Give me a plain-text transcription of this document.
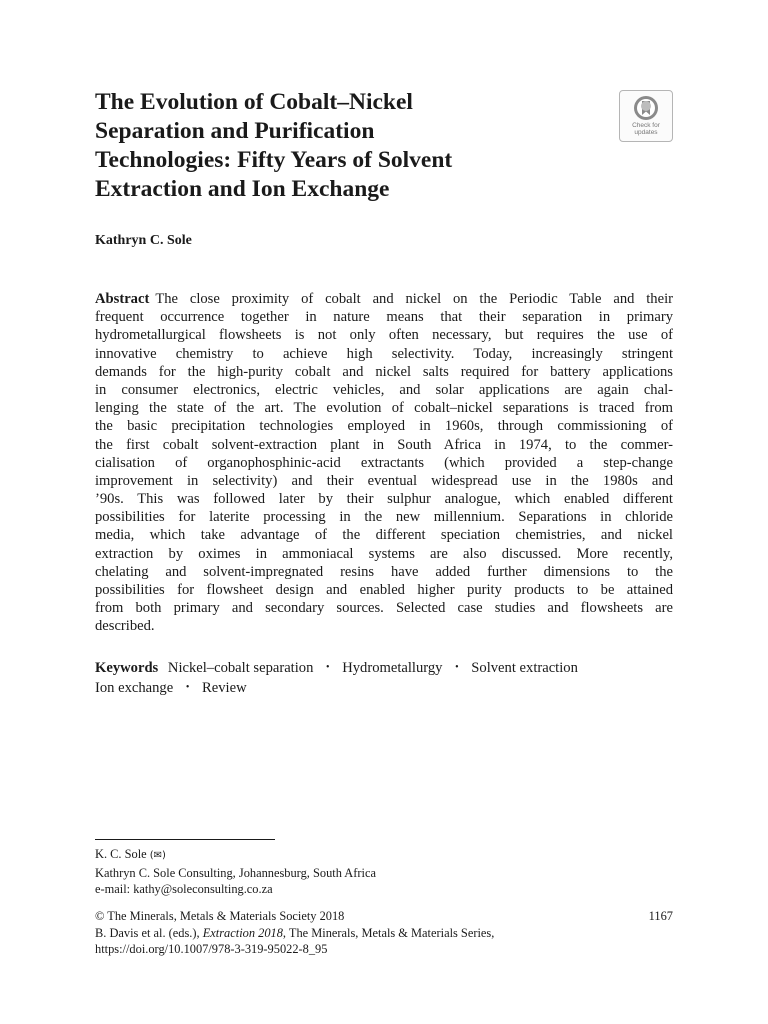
The Evolution of Cobalt–Nickel
Separation and Purification
Technologies: Fifty Years of Solvent
Extraction and Ion Exchange
Check for
updates

Kathryn C. Sole

Abstract The close proximity of cobalt and nickel on the Periodic Table and their
frequent occurrence together in nature means that their separation in primary
hydrometallurgical flowsheets is not only often necessary, but requires the use of
innovative chemistry to achieve high selectivity. Today, increasingly stringent
demands for the high-purity cobalt and nickel salts required for battery applications
in consumer electronics, electric vehicles, and solar applications are again chal-
lenging the state of the art. The evolution of cobalt–nickel separations is traced from
the basic precipitation technologies employed in 1960s, through commissioning of
the first cobalt solvent-extraction plant in South Africa in 1974, to the commer-
cialisation of organophosphinic-acid extractants (which provided a step-change
improvement in selectivity) and their eventual widespread use in the 1980s and
’90s. This was followed later by their sulphur analogue, which enabled different
possibilities for laterite processing in the new millennium. Separations in chloride
media, which take advantage of the different speciation chemistries, and nickel
extraction by oximes in ammoniacal systems are also discussed. More recently,
chelating and solvent-impregnated resins have added further dimensions to the
possibilities for flowsheet design and enabled higher purity products to be attained
from both primary and secondary sources. Selected case studies and flowsheets are
described.
Keywords Nickel–cobalt separation • Hydrometallurgy • Solvent extraction
Ion exchange • Review
K. C. Sole (✉)
Kathryn C. Sole Consulting, Johannesburg, South Africa
e-mail: kathy@soleconsulting.co.za
© The Minerals, Metals & Materials Society 2018	1167
B. Davis et al. (eds.), Extraction 2018, The Minerals, Metals & Materials Series,
https://doi.org/10.1007/978-3-319-95022-8_95
